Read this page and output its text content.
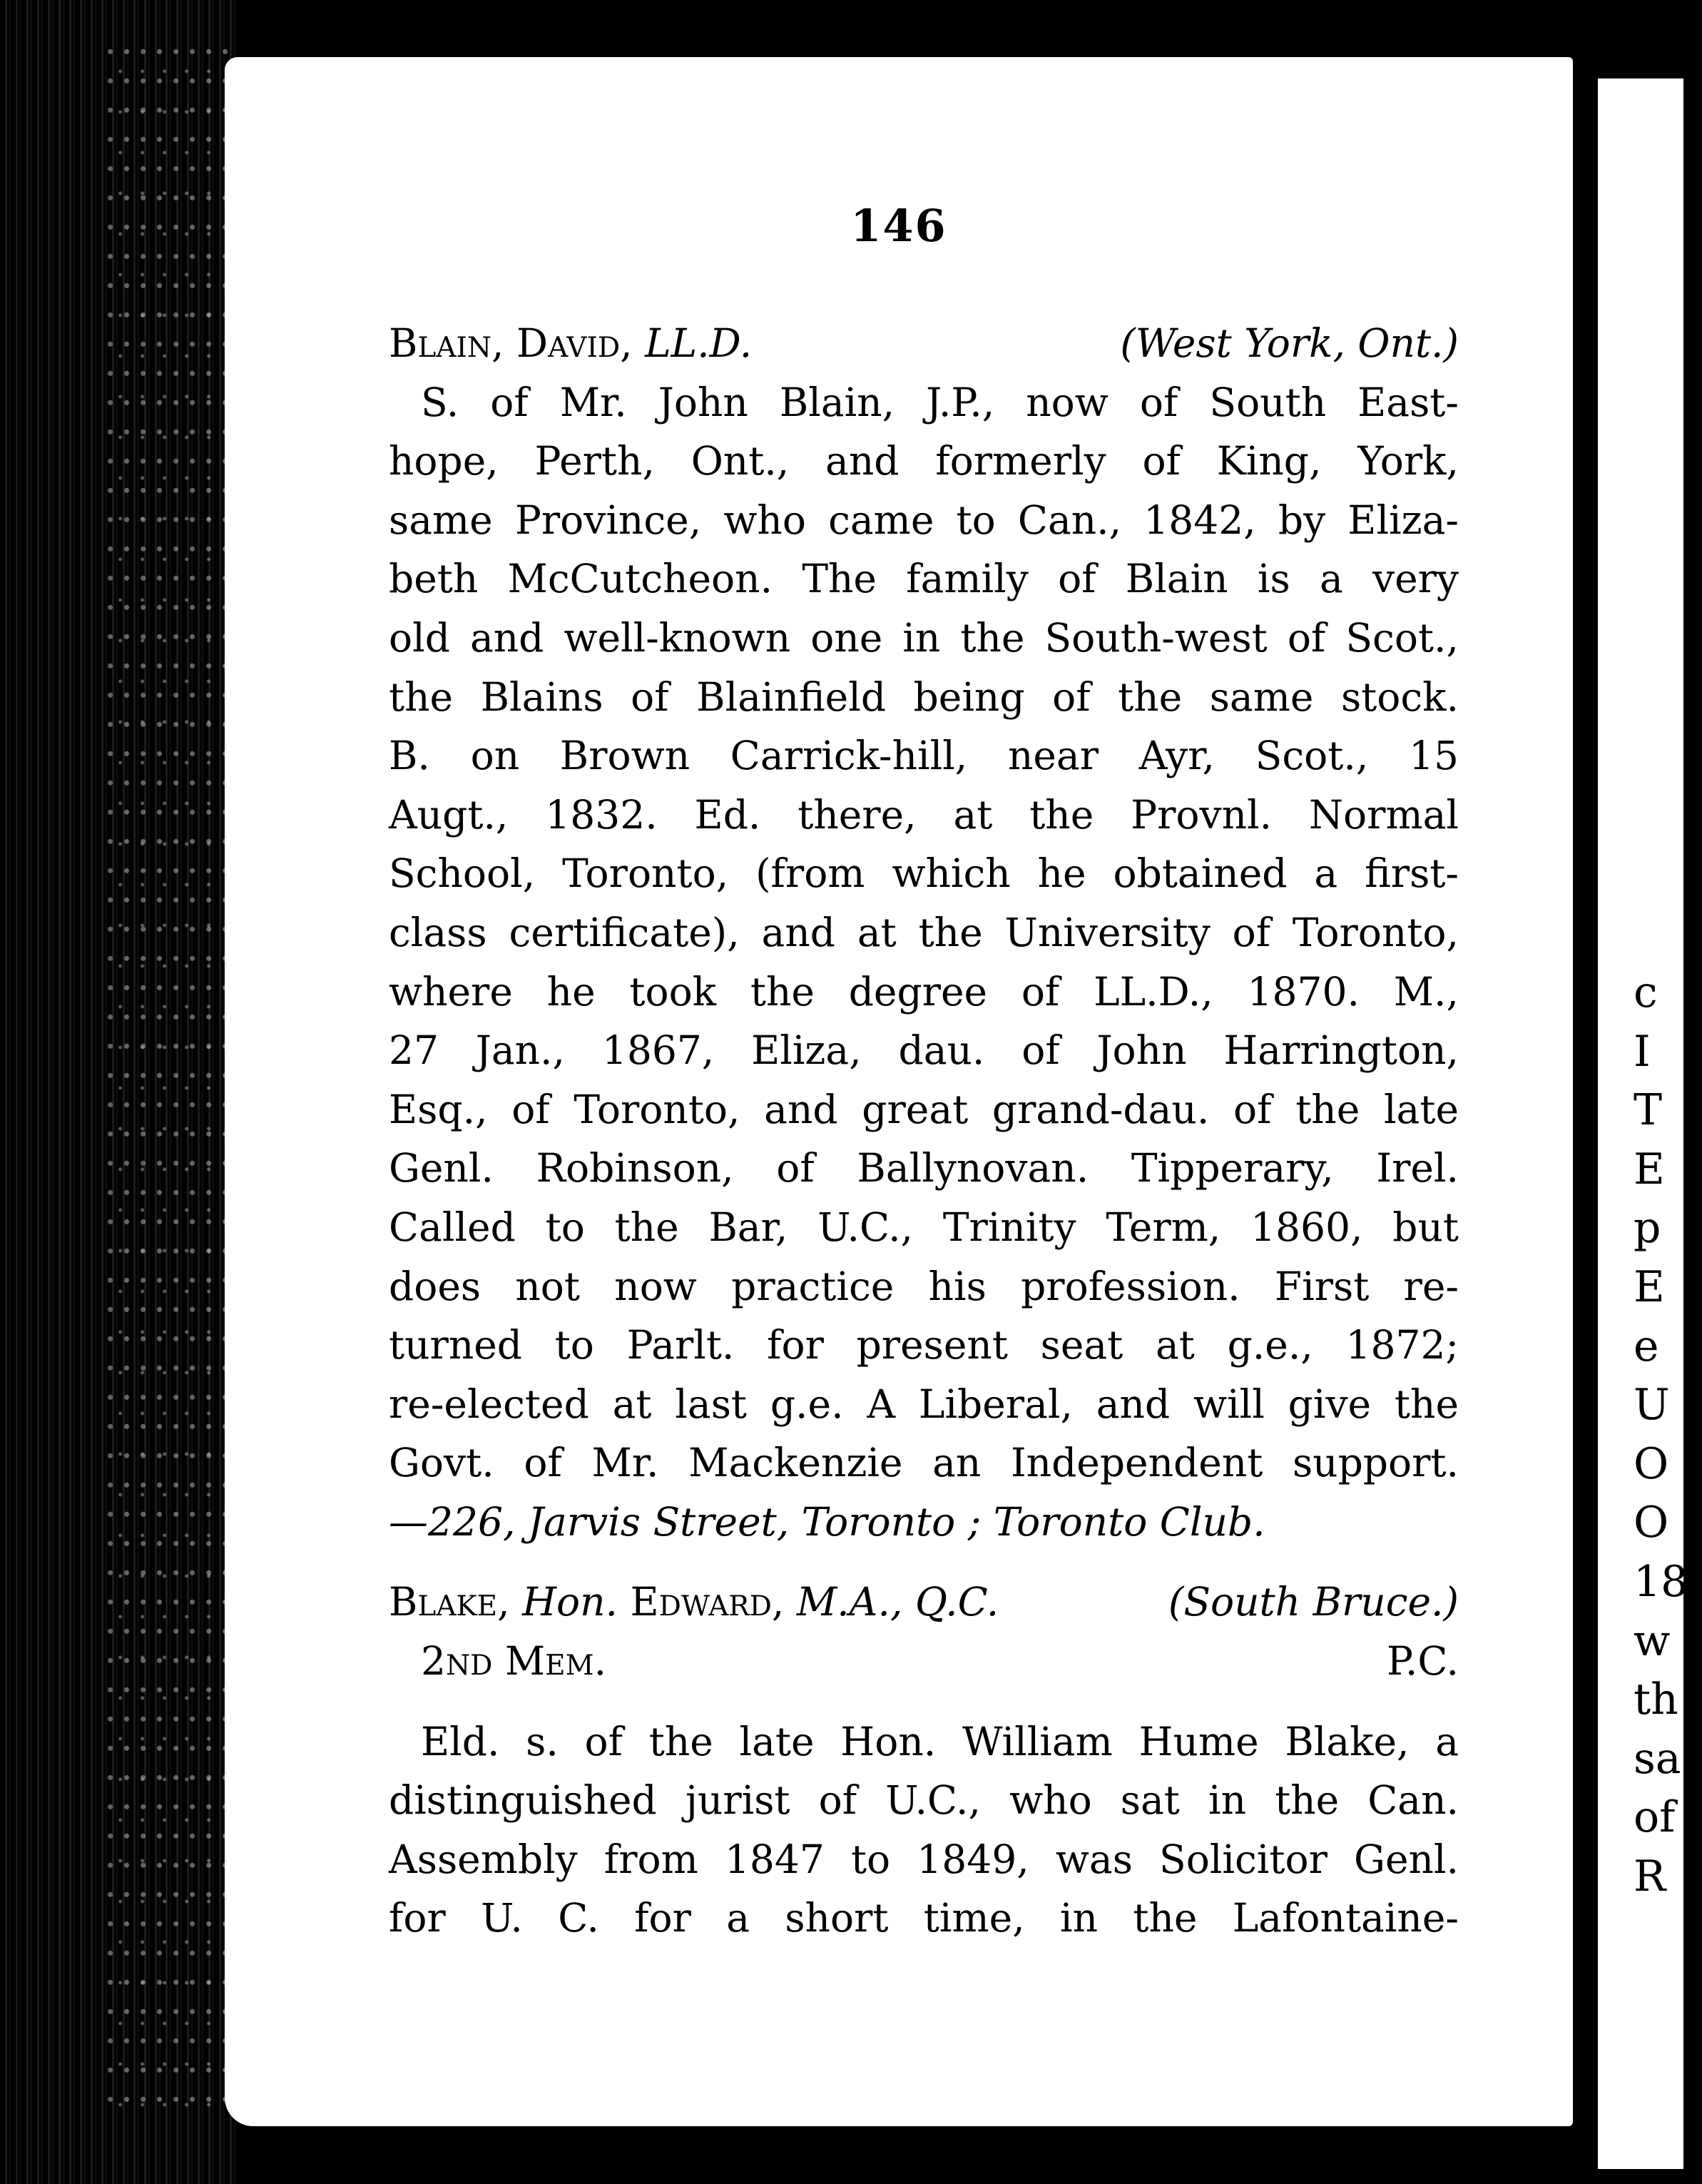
146
Blain, David, LL.D.	(West York, Ont.)
S. of Mr. John Blain, J.P., now of South East-
hope, Perth, Ont., and formerly of King, York,
same Province, who came to Can., 1842, by Eliza-
beth McCutcheon. The family of Blain is a very
old and well-known one in the South-west of Scot.,
the Blains of Blainfield being of the same stock.
B. on Brown Carrick-hill, near Ayr, Scot., 15
Augt., 1832. Ed. there, at the Provnl. Normal
School, Toronto, (from which he obtained a first-
class certificate), and at the University of Toronto,
where he took the degree of LL.D., 1870. M.,
27 Jan., 1867, Eliza, dau. of John Harrington,
Esq., of Toronto, and great grand-dau. of the late
Genl. Robinson, of Ballynovan. Tipperary, Irel.
Called to the Bar, U.C., Trinity Term, 1860, but
does not now practice his profession. First re-
turned to Parlt. for present seat at g.e., 1872;
re-elected at last g.e. A Liberal, and will give the
Govt. of Mr. Mackenzie an Independent support.
—226, Jarvis Street, Toronto ; Toronto Club.
Blake, Hon. Edward, M.A., Q.C.	(South Bruce.)
2nd Mem.	P.C.
Eld. s. of the late Hon. William Hume Blake, a
distinguished jurist of U.C., who sat in the Can.
Assembly from 1847 to 1849, was Solicitor Genl.
for U. C. for a short time, in the Lafontaine-
c
I
T
E
p
E
e
U
O
O
18
w
th
sa
of
R
